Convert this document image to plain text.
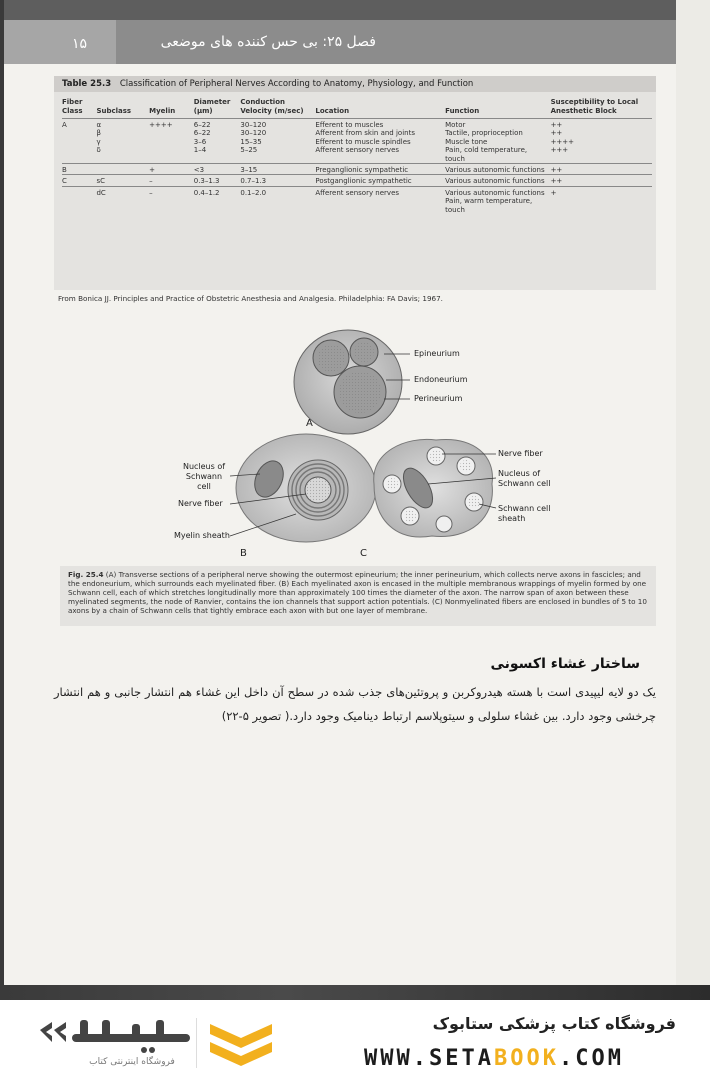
۱۵	فصل ۲۵: بی حس کننده های موضعی
Table 25.3 Classification of Peripheral Nerves According to Anatomy, Physiology, and Function
Fiber Class	Subclass	Myelin	Diameter (μm)	Conduction Velocity (m/sec)	Location	Function	Susceptibility to Local Anesthetic Block
A	α	++++	6–22	30–120	Efferent to muscles	Motor	++
	β		6–22	30–120	Afferent from skin and joints	Tactile, proprioception	++
	γ		3–6	15–35	Efferent to muscle spindles	Muscle tone	++++
	δ		1–4	5–25	Afferent sensory nerves	Pain, cold temperature, touch	+++
B		+	<3	3–15	Preganglionic sympathetic	Various autonomic functions	++
C	sC	–	0.3–1.3	0.7–1.3	Postganglionic sympathetic	Various autonomic functions	++
	dC	–	0.4–1.2	0.1–2.0	Afferent sensory nerves	Various autonomic functions Pain, warm temperature, touch	+
From Bonica JJ. Principles and Practice of Obstetric Anesthesia and Analgesia. Philadelphia: FA Davis; 1967.
Epineurium
Endoneurium
Perineurium
A
Nucleus of Schwann cell
Nerve fiber
Myelin sheath
B	C
Nerve fiber
Nucleus of Schwann cell
Schwann cell sheath
Fig. 25.4 (A) Transverse sections of a peripheral nerve showing the outermost epineurium; the inner perineurium, which collects nerve axons in fascicles; and the endoneurium, which surrounds each myelinated fiber. (B) Each myelinated axon is encased in the multiple membranous wrappings of myelin formed by one Schwann cell, each of which stretches longitudinally more than approximately 100 times the diameter of the axon. The narrow span of axon between these myelinated segments, the node of Ranvier, contains the ion channels that support action potentials. (C) Nonmyelinated fibers are enclosed in bundles of 5 to 10 axons by a chain of Schwann cells that tightly embrace each axon with but one layer of membrane.
ساختار غشاء اکسونی
یک دو لایه لیپیدی است با هسته هیدروکربن و پروتئین‌های جذب شده در سطح آن داخل این غشاء هم انتشار جانبی و هم انتشار چرخشی وجود دارد. بین غشاء سلولی و سیتوپلاسم ارتباط دینامیک وجود دارد.( تصویر ۵-۲۲)
ستابوک
فروشگاه اینترنتی کتاب
فروشگاه کتاب پزشکی ستابوک
WWW.SETABOOK.COM
